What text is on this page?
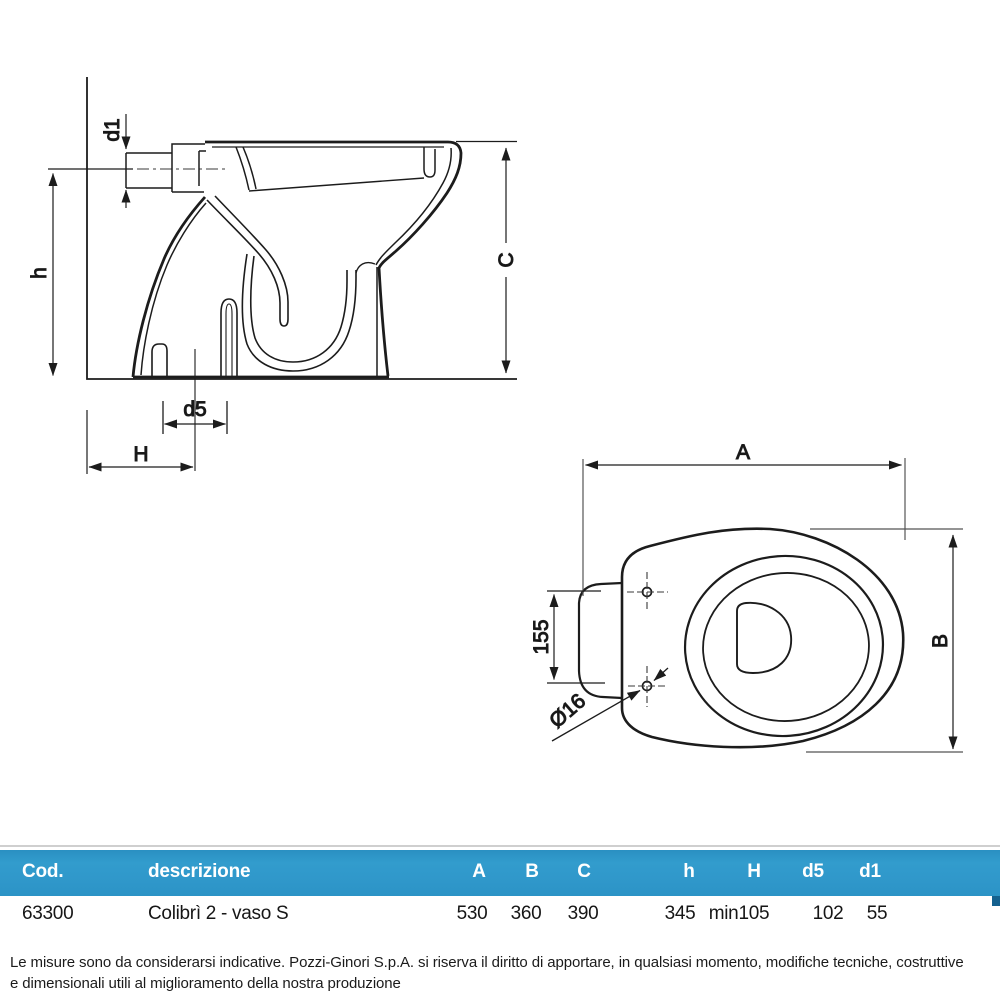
d1
h
C
d5
H	A
B
155
Ø16
Cod.	descrizione	A B C	h	H d5 d1
63300	Colibrì 2 - vaso S	530 360 390	345 min105 102 55
Le misure sono da considerarsi indicative. Pozzi-Ginori S.p.A. si riserva il diritto di apportare, in qualsiasi momento, modifiche tecniche, costruttive
e dimensionali utili al miglioramento della nostra produzione
